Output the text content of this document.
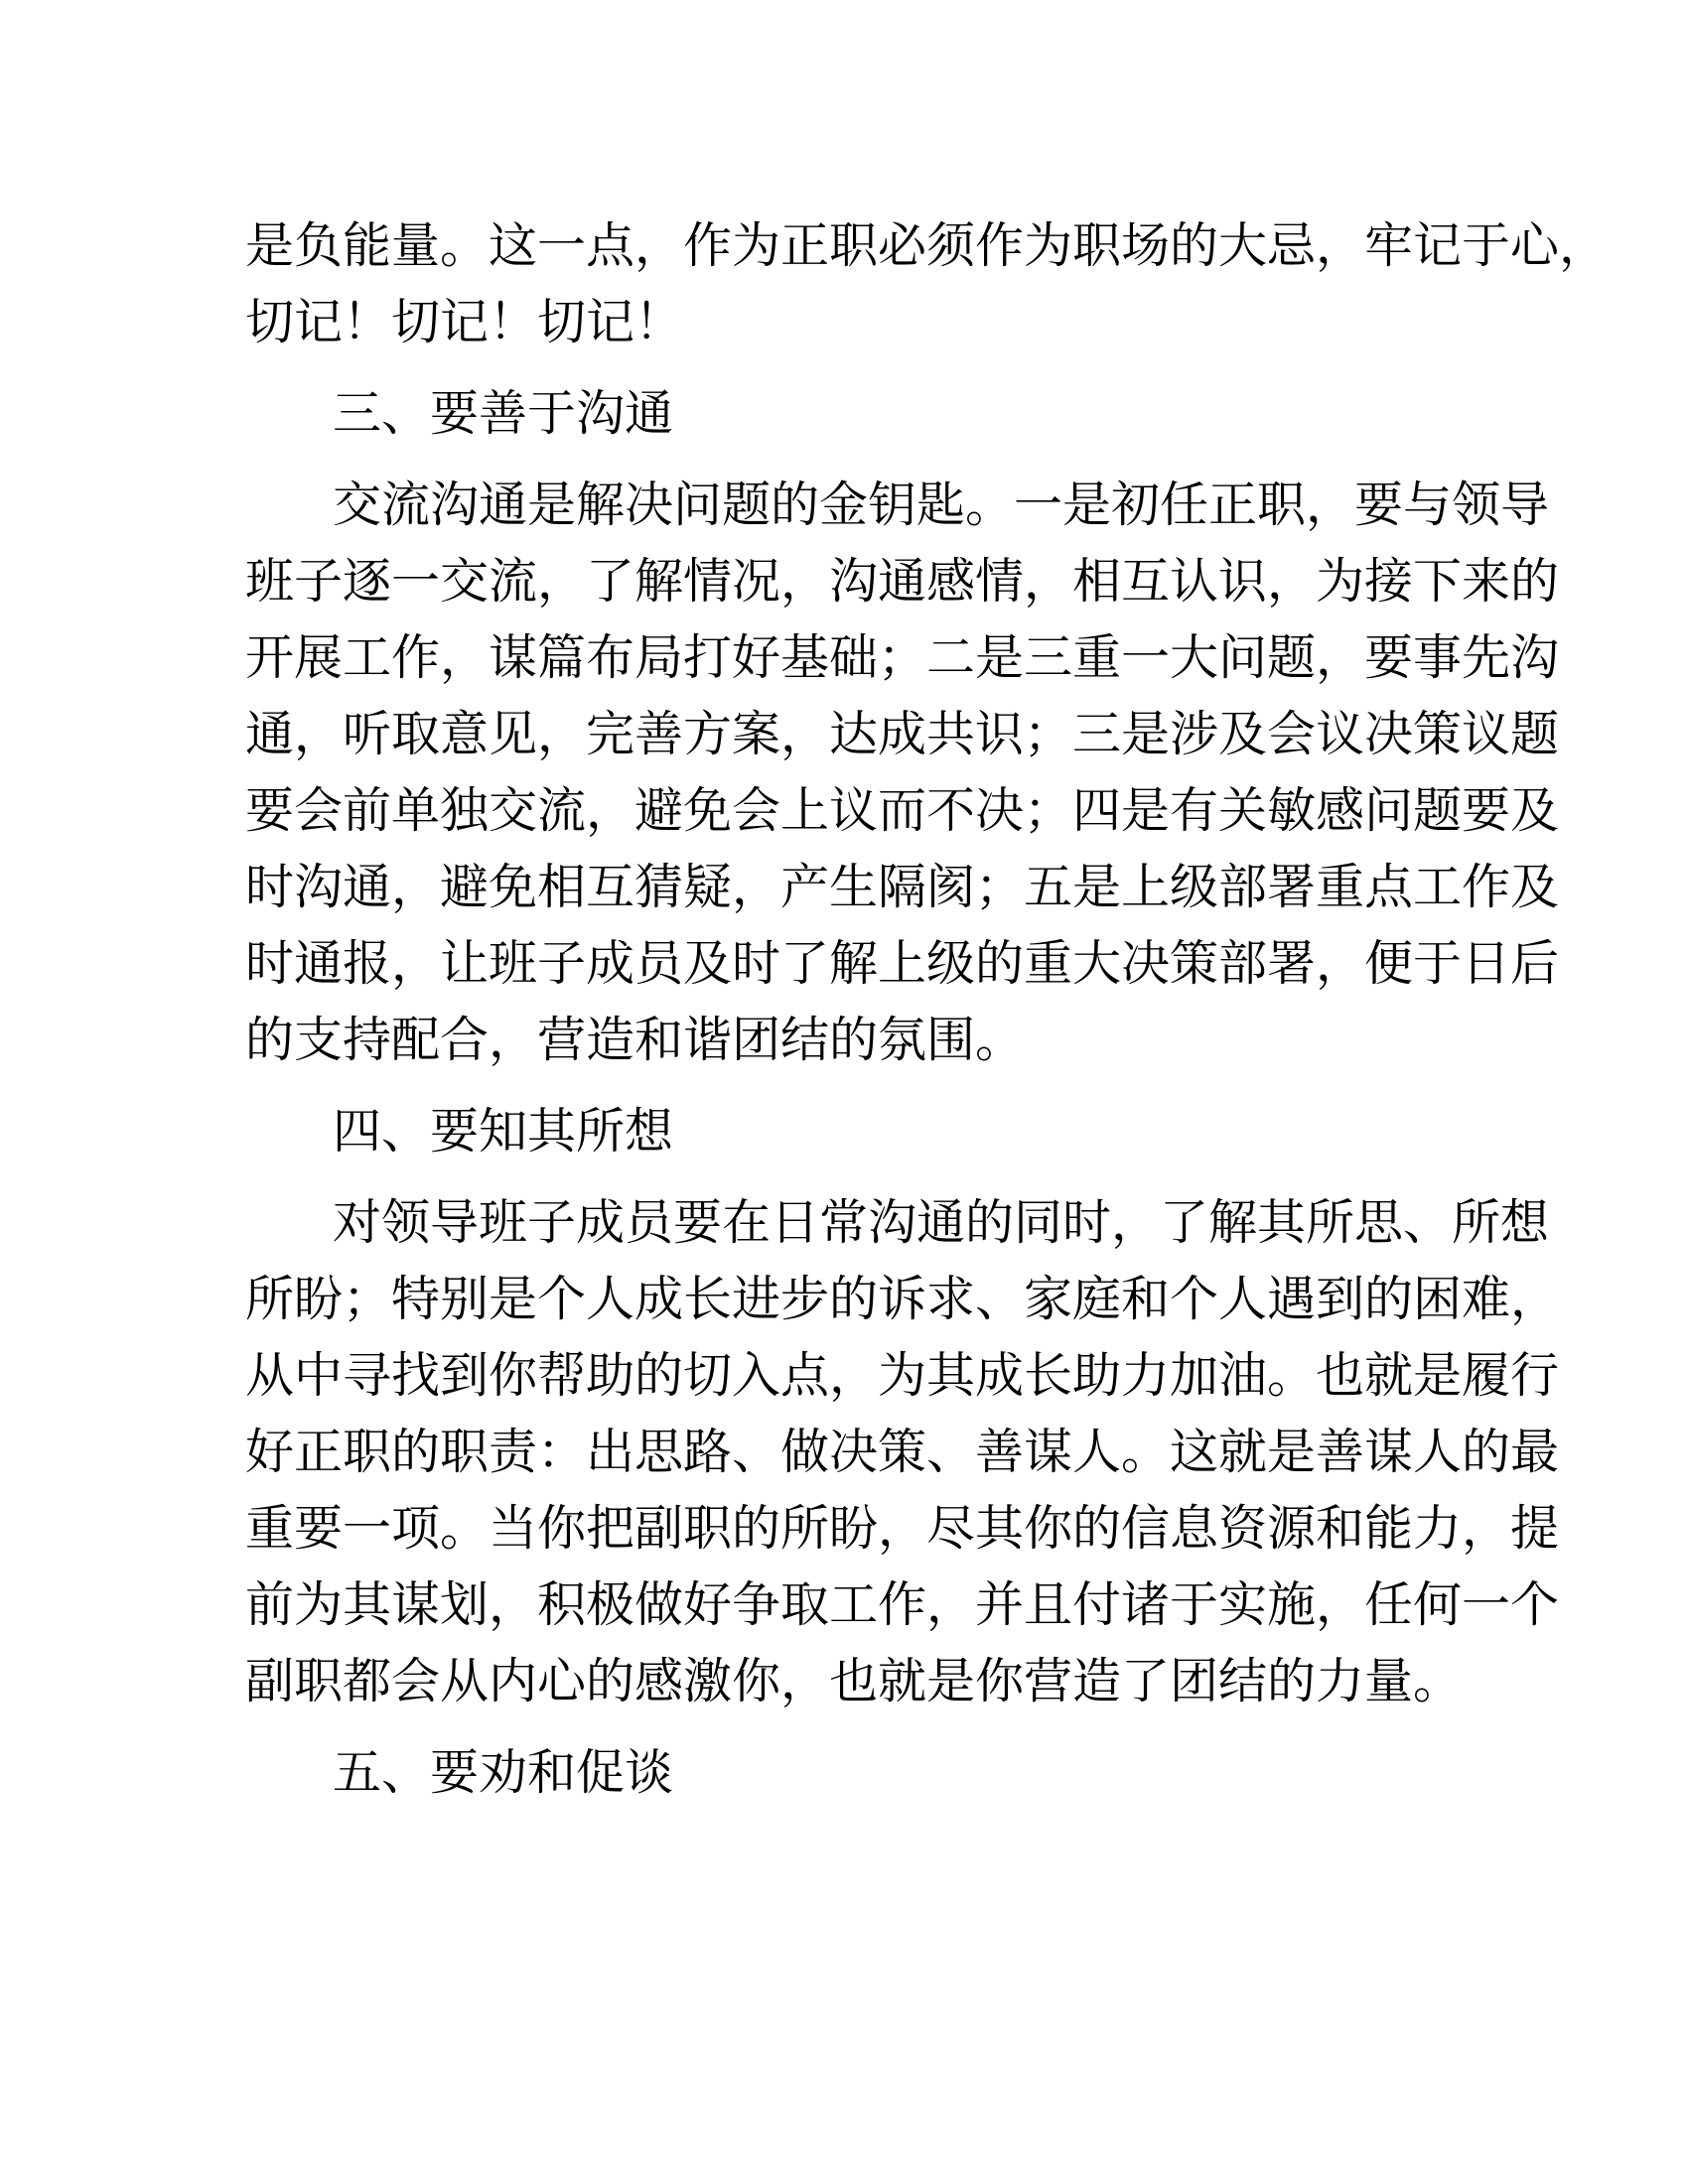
是负能量。这一点，作为正职必须作为职场的大忌，牢记于心，
切记！切记！切记！
三、要善于沟通
交流沟通是解决问题的金钥匙。一是初任正职，要与领导
班子逐一交流，了解情况，沟通感情，相互认识，为接下来的
开展工作，谋篇布局打好基础；二是三重一大问题，要事先沟
通，听取意见，完善方案，达成共识；三是涉及会议决策议题
要会前单独交流，避免会上议而不决；四是有关敏感问题要及
时沟通，避免相互猜疑，产生隔阂；五是上级部署重点工作及
时通报，让班子成员及时了解上级的重大决策部署，便于日后
的支持配合，营造和谐团结的氛围。
四、要知其所想
对领导班子成员要在日常沟通的同时，了解其所思、所想
所盼；特别是个人成长进步的诉求、家庭和个人遇到的困难，
从中寻找到你帮助的切入点，为其成长助力加油。也就是履行
好正职的职责：出思路、做决策、善谋人。这就是善谋人的最
重要一项。当你把副职的所盼，尽其你的信息资源和能力，提
前为其谋划，积极做好争取工作，并且付诸于实施，任何一个
副职都会从内心的感激你，也就是你营造了团结的力量。
五、要劝和促谈
